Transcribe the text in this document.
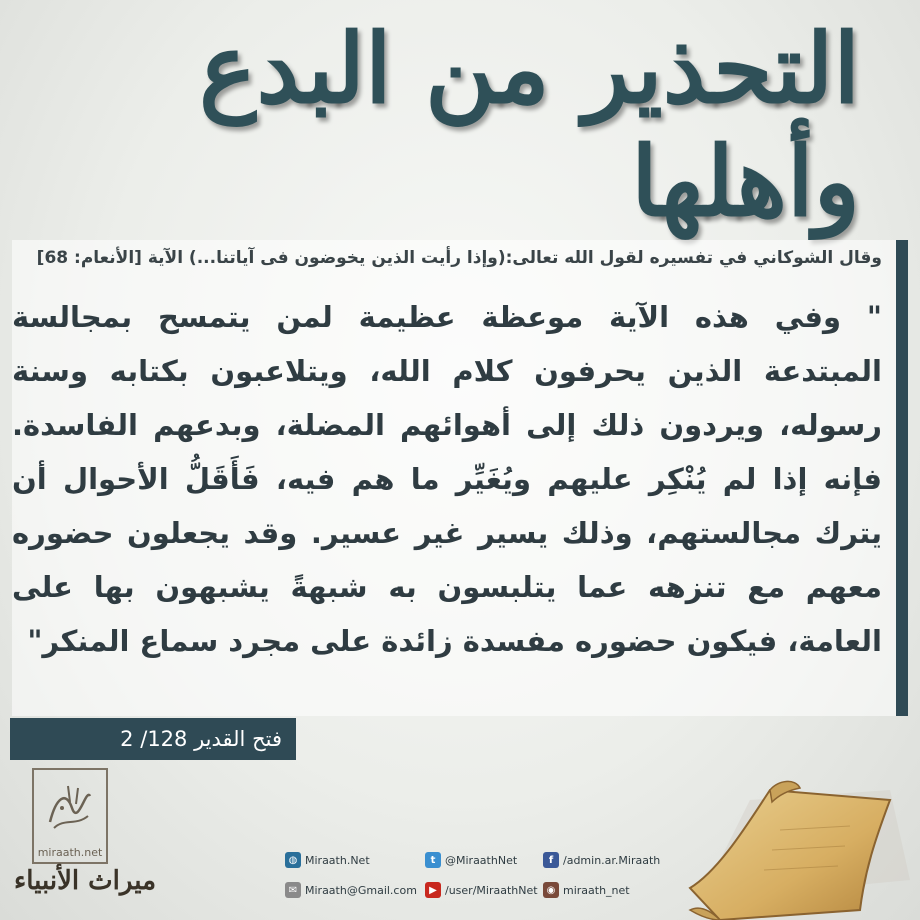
التحذير من البدع وأهلها
وقال الشوكاني في تفسيره لقول الله تعالى:(وإذا رأيت الذين يخوضون فى آياتنا...) الآية [الأنعام: 68]

" وفي هذه الآية موعظة عظيمة لمن يتمسح بمجالسة المبتدعة الذين يحرفون كلام الله، ويتلاعبون بكتابه وسنة رسوله، ويردون ذلك إلى أهوائهم المضلة، وبدعهم الفاسدة. فإنه إذا لم يُنْكِر عليهم ويُغَيِّر ما هم فيه، فَأَقَلُّ الأحوال أن يترك مجالستهم، وذلك يسير غير عسير. وقد يجعلون حضوره معهم مع تنزهه عما يتلبسون به شبهةً يشبهون بها على العامة، فيكون حضوره مفسدة زائدة على مجرد سماع المنكر"

فتح القدير 128/ 2
miraath.net
ميراث الأنبياء
◍ Miraath.Net	t @MiraathNet	f /admin.ar.Miraath
✉ Miraath@Gmail.com	▶ /user/MiraathNet ◉ miraath_net
